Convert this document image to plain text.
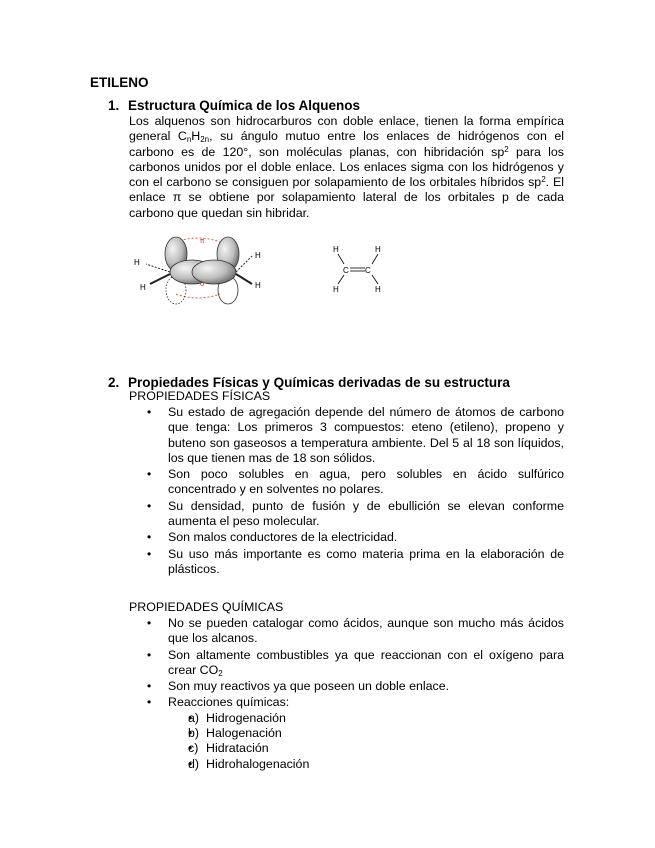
ETILENO
1. Estructura Química de los Alquenos
Los alquenos son hidrocarburos con doble enlace, tienen la forma empírica general $C_nH_{2n}$, su ángulo mutuo entre los enlaces de hidrógenos con el carbono es de 120°, son moléculas planas, con hibridación $sp^2$ para los carbonos unidos por el doble enlace. Los enlaces sigma con los hidrógenos y con el carbono se consiguen por solapamiento de los orbitales híbridos $sp^2$. El enlace π se obtiene por solapamiento lateral de los orbitales p de cada carbono que quedan sin hibridar.
H
H
H
H
π
σ
H	H
H	H
C C
2. Propiedades Físicas y Químicas derivadas de su estructura
PROPIEDADES FÍSICAS
• Su estado de agregación depende del número de átomos de carbono que tenga: Los primeros 3 compuestos: eteno (etileno), propeno y buteno son gaseosos a temperatura ambiente. Del 5 al 18 son líquidos, los que tienen mas de 18 son sólidos.
• Son poco solubles en agua, pero solubles en ácido sulfúrico concentrado y en solventes no polares.
• Su densidad, punto de fusión y de ebullición se elevan conforme aumenta el peso molecular.
• Son malos conductores de la electricidad.
• Su uso más importante es como materia prima en la elaboración de plásticos.
PROPIEDADES QUÍMICAS
• No se pueden catalogar como ácidos, aunque son mucho más ácidos que los alcanos.
• Son altamente combustibles ya que reaccionan con el oxígeno para crear $CO_2$
• Son muy reactivos ya que poseen un doble enlace.
• Reacciones químicas:
• a) Hidrogenación
• b) Halogenación
• c) Hidratación
• d) Hidrohalogenación
